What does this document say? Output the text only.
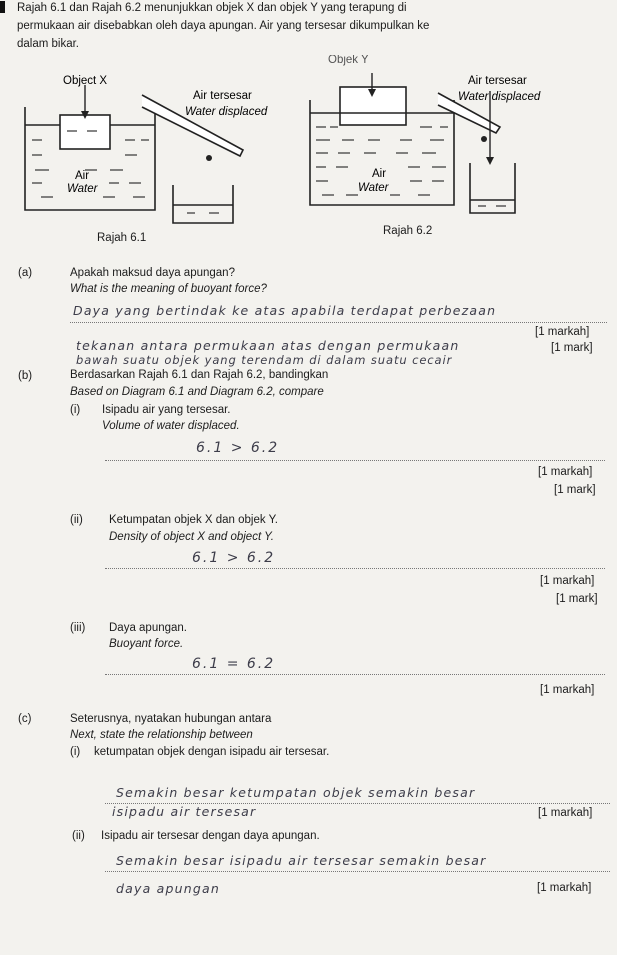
Rajah 6.1 dan Rajah 6.2 menunjukkan objek X dan objek Y yang terapung di
permukaan air disebabkan oleh daya apungan. Air yang tersesar dikumpulkan ke
dalam bikar.
Object X
Air tersesar
Water displaced
Air
Water
Rajah 6.1
Objek Y
Air tersesar
Water displaced
Air
Water
Rajah 6.2
(a)	Apakah maksud daya apungan?
What is the meaning of buoyant force?
Daya yang bertindak ke atas apabila terdapat perbezaan
[1 markah]
tekanan antara permukaan atas dengan permukaan	[1 mark]
bawah suatu objek yang terendam di dalam suatu cecair
(b)	Berdasarkan Rajah 6.1 dan Rajah 6.2, bandingkan
Based on Diagram 6.1 and Diagram 6.2, compare
(i) Isipadu air yang tersesar.
Volume of water displaced.
6.1 > 6.2
[1 markah]
[1 mark]
(ii) Ketumpatan objek X dan objek Y.
Density of object X and object Y.
6.1 > 6.2
[1 markah]
[1 mark]
(iii) Daya apungan.
Buoyant force.
6.1 = 6.2
[1 markah]
(c)	Seterusnya, nyatakan hubungan antara
Next, state the relationship between
(i) ketumpatan objek dengan isipadu air tersesar.
Semakin besar ketumpatan objek semakin besar
isipadu air tersesar	[1 markah]
(ii) Isipadu air tersesar dengan daya apungan.
Semakin besar isipadu air tersesar semakin besar
daya apungan	[1 markah]
